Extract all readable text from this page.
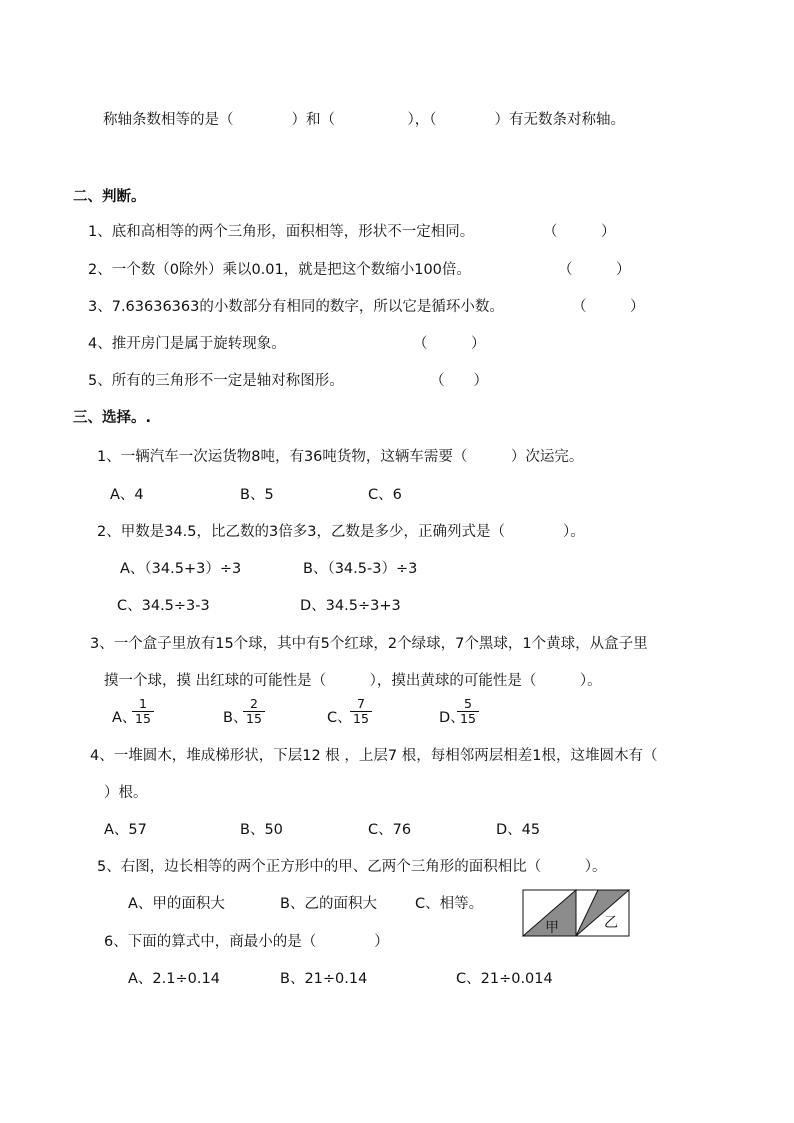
称轴条数相等的是（　　　　）和（　　　　　），（　　　　）有无数条对称轴。
二、判断。
1、底和高相等的两个三角形，面积相等，形状不一定相同。	（　　　）
2、一个数（0除外）乘以0.01，就是把这个数缩小100倍。	（　　　）
3、7.63636363的小数部分有相同的数字，所以它是循环小数。	（　　　）
4、推开房门是属于旋转现象。	（　　　）
5、所有的三角形不一定是轴对称图形。	（　　）
三、选择。.
1、一辆汽车一次运货物8吨，有36吨货物，这辆车需要（　　　）次运完。
A、4	B、5	C、6
2、甲数是34.5，比乙数的3倍多3，乙数是多少，正确列式是（　　　　）。
A、（34.5+3）÷3	B、（34.5-3）÷3
C、34.5÷3-3	D、34.5÷3+3
3、一个盒子里放有15个球，其中有5个红球，2个绿球，7个黑球，1个黄球，从盒子里
摸一个球，摸 出红球的可能性是（　　　），摸出黄球的可能性是（　　　）。
A、
$\frac{1}{15}$	B、
$\frac{2}{15}$	C、
$\frac{7}{15}$	D、
$\frac{5}{15}$
4、一堆圆木，堆成梯形状，下层12 根 ，上层7 根，每相邻两层相差1根，这堆圆木有（
）根。
A、57	B、50	C、76	D、45
5、右图，边长相等的两个正方形中的甲、乙两个三角形的面积相比（　　　）。
A、甲的面积大	B、乙的面积大	C、相等。
甲	乙
6、下面的算式中，商最小的是（　　　　）
A、2.1÷0.14	B、21÷0.14	C、21÷0.014
